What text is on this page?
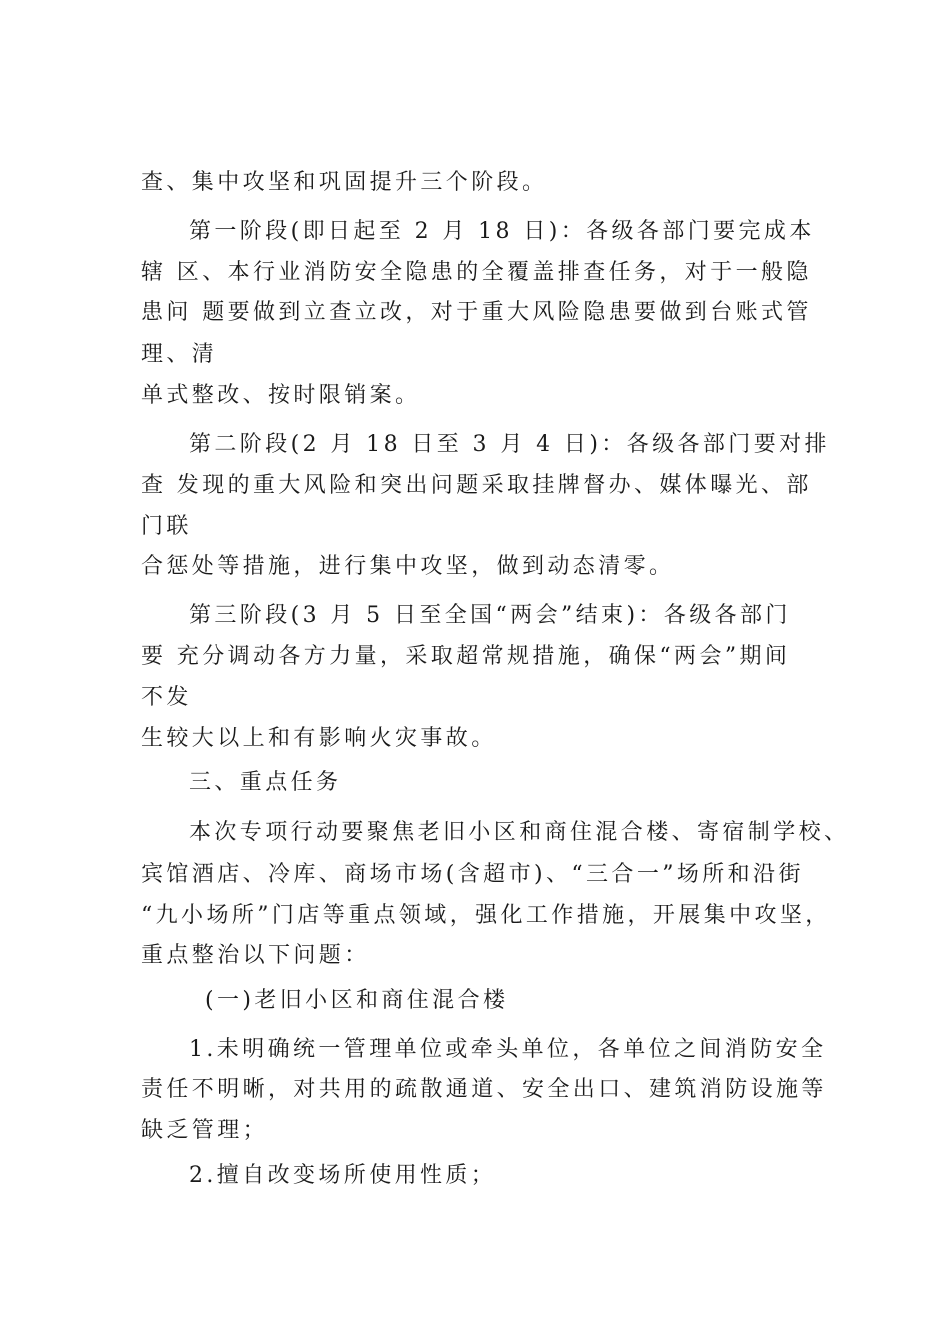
查、集中攻坚和巩固提升三个阶段。
第一阶段(即日起至 2 月 18 日)：各级各部门要完成本
辖 区、本行业消防安全隐患的全覆盖排查任务，对于一般隐
患问 题要做到立查立改，对于重大风险隐患要做到台账式管
理、清
单式整改、按时限销案。
第二阶段(2 月 18 日至 3 月 4 日)：各级各部门要对排
查 发现的重大风险和突出问题采取挂牌督办、媒体曝光、部
门联
合惩处等措施，进行集中攻坚，做到动态清零。
第三阶段(3 月 5 日至全国“两会”结束)：各级各部门
要 充分调动各方力量，采取超常规措施，确保“两会”期间
不发
生较大以上和有影响火灾事故。
三、重点任务
本次专项行动要聚焦老旧小区和商住混合楼、寄宿制学校、
宾馆酒店、冷库、商场市场(含超市)、“三合一”场所和沿街
“九小场所”门店等重点领域，强化工作措施，开展集中攻坚，
重点整治以下问题：
(一)老旧小区和商住混合楼
1.未明确统一管理单位或牵头单位，各单位之间消防安全
责任不明晰，对共用的疏散通道、安全出口、建筑消防设施等
缺乏管理；
2.擅自改变场所使用性质；
